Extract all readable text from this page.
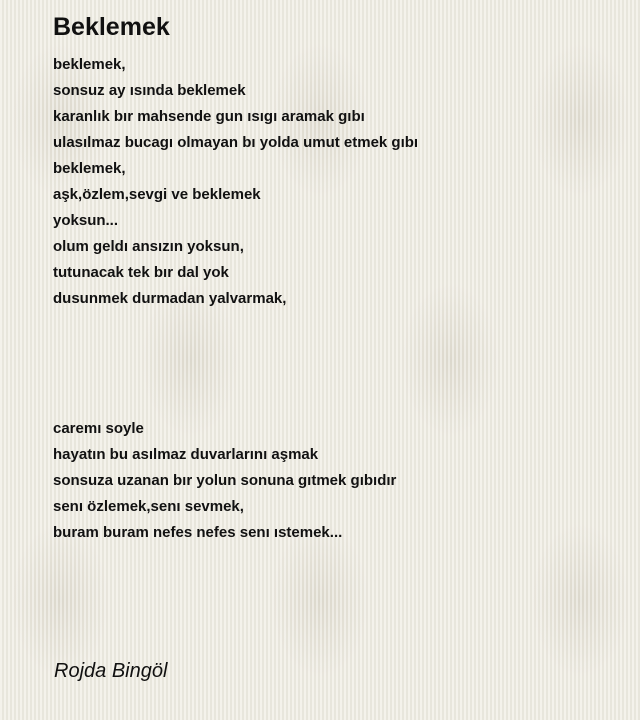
Beklemek

beklemek,
sonsuz ay ısında beklemek
karanlık bır mahsende gun ısıgı aramak gıbı
ulasılmaz bucagı olmayan bı yolda umut etmek gıbı
beklemek,
aşk,özlem,sevgi ve beklemek
yoksun...
olum geldı ansızın yoksun,
tutunacak tek bır dal yok
dusunmek durmadan yalvarmak,

caremı soyle
hayatın bu asılmaz duvarlarını aşmak
sonsuza uzanan bır yolun sonuna gıtmek gıbıdır
senı özlemek,senı sevmek,
buram buram nefes nefes senı ıstemek...

Rojda Bingöl
